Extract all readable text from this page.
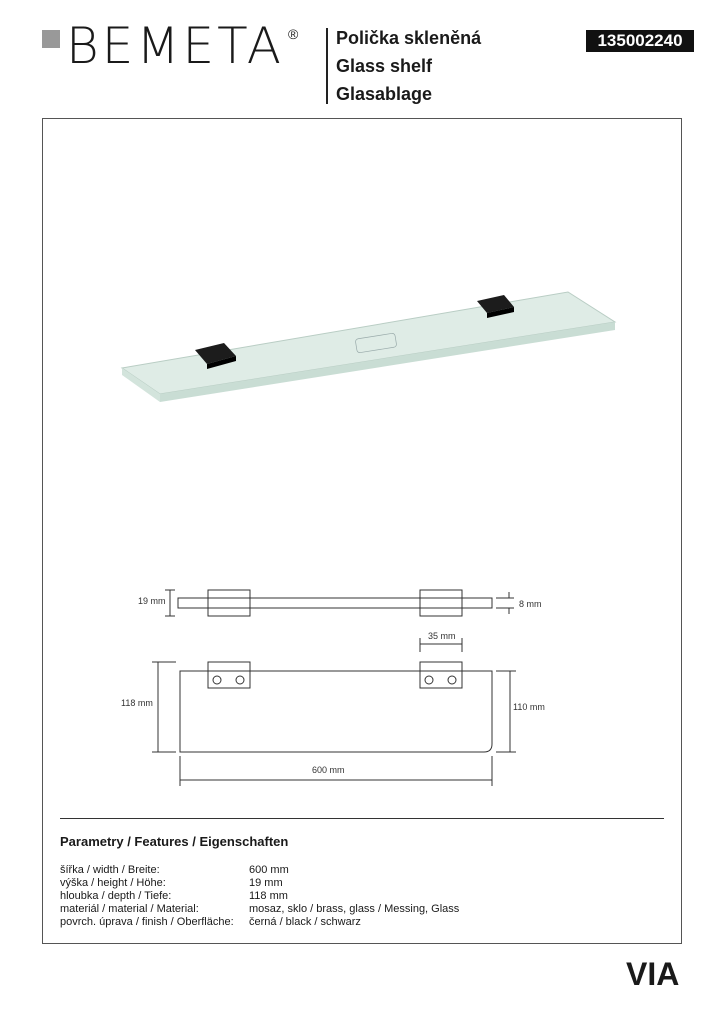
BEMETA ® Polička skleněná
Glass shelf
Glasablage
135002240
19 mm	8 mm
35 mm
118 mm	110 mm
600 mm
Parametry / Features / Eigenschaften
šířka / width / Breite:
výška / height / Höhe:
hloubka / depth / Tiefe:
materiál / material / Material:
povrch. úprava / finish / Oberfläche:
600 mm
19 mm
118 mm
mosaz, sklo / brass, glass / Messing, Glass
černá / black / schwarz
VIA
